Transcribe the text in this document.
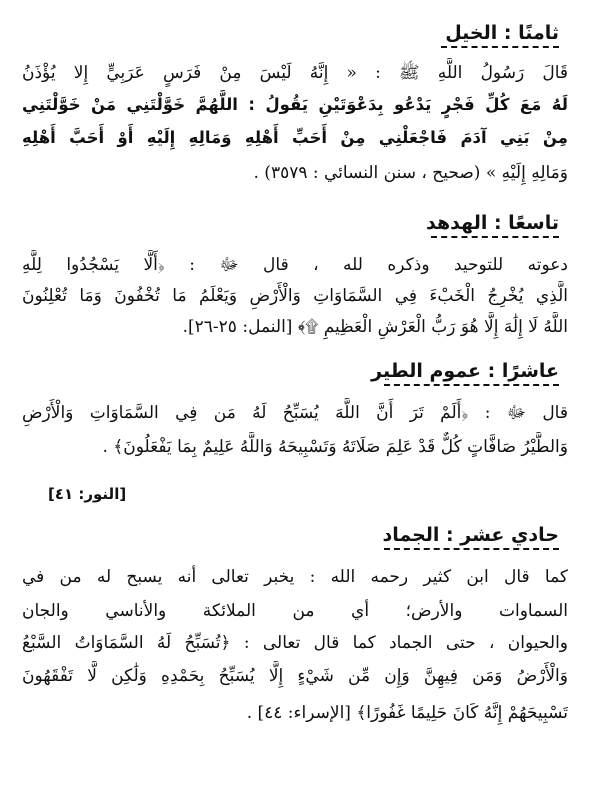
ثامنًا : الخيل
قَالَ رَسُولُ اللَّهِ ﷺ : « إِنَّهُ لَيْسَ مِنْ فَرَسٍ عَرَبِيٍّ إِلا يُؤْذَنُ
لَهُ مَعَ كُلِّ فَجْرٍ يَدْعُو بِدَعْوَتَيْنِ يَقُولُ : اللَّهُمَّ خَوَّلْتَنِي مَنْ خَوَّلْتَنِي
مِنْ بَنِي آدَمَ فَاجْعَلْنِي مِنْ أَحَبِّ أَهْلِهِ وَمَالِهِ إِلَيْهِ أَوْ أَحَبَّ أَهْلِهِ
وَمَالِهِ إِلَيْهِ » (صحيح ، سنن النسائي : ٣٥٧٩) .
تاسعًا : الهدهد
دعوته للتوحيد وذكره لله ، قال ﷻ : ﴿أَلَّا يَسْجُدُوا لِلَّهِ
الَّذِي يُخْرِجُ الْخَبْءَ فِي السَّمَاوَاتِ وَالْأَرْضِ وَيَعْلَمُ مَا تُخْفُونَ وَمَا تُعْلِنُونَ
اللَّهُ لَا إِلَٰهَ إِلَّا هُوَ رَبُّ الْعَرْشِ الْعَظِيمِ ۩﴾ [النمل: ٢٥-٢٦].
عاشرًا : عموم الطير
قال ﷻ : ﴿أَلَمْ تَرَ أَنَّ اللَّهَ يُسَبِّحُ لَهُ مَن فِي السَّمَاوَاتِ وَالْأَرْضِ
وَالطَّيْرُ صَافَّاتٍ كُلٌّ قَدْ عَلِمَ صَلَاتَهُ وَتَسْبِيحَهُ وَاللَّهُ عَلِيمٌ بِمَا يَفْعَلُونَ﴾ .
[النور: ٤١]
حادي عشر : الجماد
كما قال ابن كثير رحمه الله : يخبر تعالى أنه يسبح له من في
السماوات والأرض؛ أي من الملائكة والأناسي والجان
والحيوان ، حتى الجماد كما قال تعالى : ﴿تُسَبِّحُ لَهُ السَّمَاوَاتُ السَّبْعُ
وَالْأَرْضُ وَمَن فِيهِنَّ وَإِن مِّن شَيْءٍ إِلَّا يُسَبِّحُ بِحَمْدِهِ وَلَٰكِن لَّا تَفْقَهُونَ
تَسْبِيحَهُمْ إِنَّهُ كَانَ حَلِيمًا غَفُورًا﴾ [الإسراء: ٤٤] .
